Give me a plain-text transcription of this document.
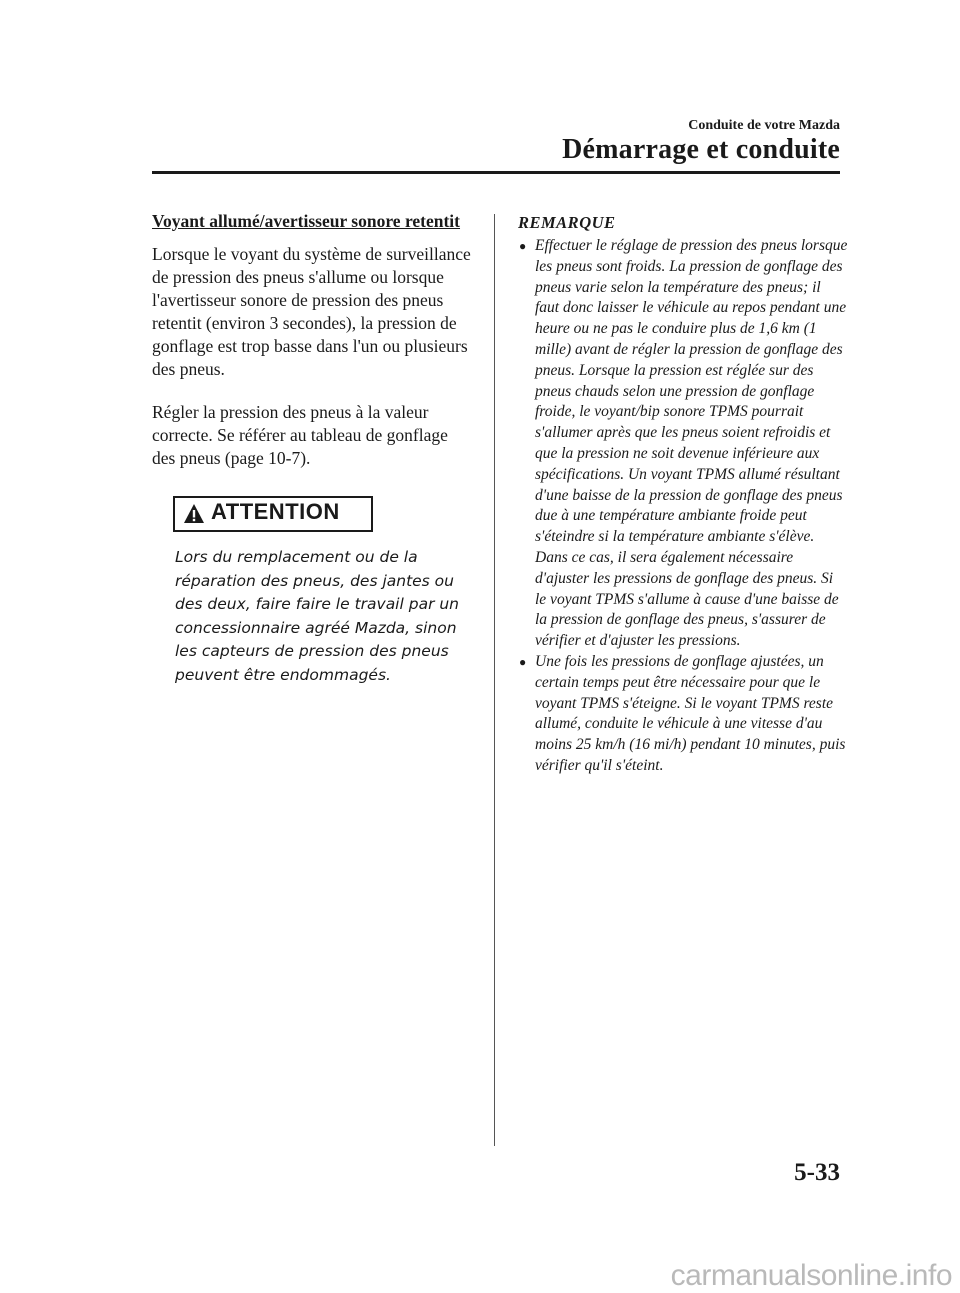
Conduite de votre Mazda
Démarrage et conduite
Voyant allumé/avertisseur sonore retentit

Lorsque le voyant du système de surveillance de pression des pneus s'allume ou lorsque l'avertisseur sonore de pression des pneus retentit (environ 3 secondes), la pression de gonflage est trop basse dans l'un ou plusieurs des pneus.

Régler la pression des pneus à la valeur correcte. Se référer au tableau de gonflage des pneus (page 10-7).

ATTENTION
Lors du remplacement ou de la réparation des pneus, des jantes ou des deux, faire faire le travail par un concessionnaire agréé Mazda, sinon les capteurs de pression des pneus peuvent être endommagés.
REMARQUE
● Effectuer le réglage de pression des pneus lorsque les pneus sont froids. La pression de gonflage des pneus varie selon la température des pneus; il faut donc laisser le véhicule au repos pendant une heure ou ne pas le conduire plus de 1,6 km (1 mille) avant de régler la pression de gonflage des pneus. Lorsque la pression est réglée sur des pneus chauds selon une pression de gonflage froide, le voyant/bip sonore TPMS pourrait s'allumer après que les pneus soient refroidis et que la pression ne soit devenue inférieure aux spécifications. Un voyant TPMS allumé résultant d'une baisse de la pression de gonflage des pneus due à une température ambiante froide peut s'éteindre si la température ambiante s'élève. Dans ce cas, il sera également nécessaire d'ajuster les pressions de gonflage des pneus. Si le voyant TPMS s'allume à cause d'une baisse de la pression de gonflage des pneus, s'assurer de vérifier et d'ajuster les pressions.
● Une fois les pressions de gonflage ajustées, un certain temps peut être nécessaire pour que le voyant TPMS s'éteigne. Si le voyant TPMS reste allumé, conduite le véhicule à une vitesse d'au moins 25 km/h (16 mi/h) pendant 10 minutes, puis vérifier qu'il s'éteint.
5-33
carmanualsonline.info
